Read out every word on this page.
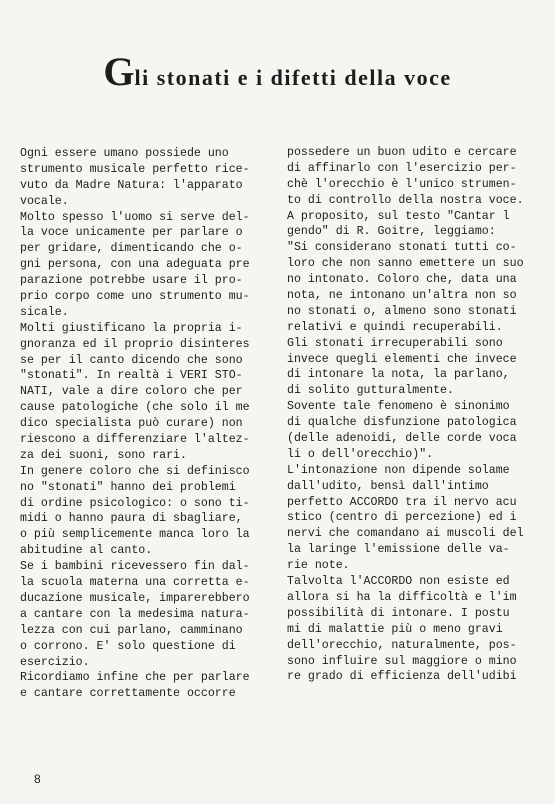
Gli stonati e i difetti della voce
Ogni essere umano possiede uno
strumento musicale perfetto rice-
vuto da Madre Natura: l'apparato
vocale.
Molto spesso l'uomo si serve del-
la voce unicamente per parlare o
per gridare, dimenticando che o-
gni persona, con una adeguata pre
parazione potrebbe usare il pro-
prio corpo come uno strumento mu-
sicale.
Molti giustificano la propria i-
gnoranza ed il proprio disinteres
se per il canto dicendo che sono
"stonati". In realtà i VERI STO-
NATI, vale a dire coloro che per
cause patologiche (che solo il me
dico specialista può curare) non
riescono a differenziare l'altez-
za dei suoni, sono rari.
In genere coloro che si definisco
no "stonati" hanno dei problemi
di ordine psicologico: o sono ti-
midi o hanno paura di sbagliare,
o più semplicemente manca loro la
abitudine al canto.
Se i bambini ricevessero fin dal-
la scuola materna una corretta e-
ducazione musicale, imparerebbero
a cantare con la medesima natura-
lezza con cui parlano, camminano
o corrono. E' solo questione di
esercizio.
Ricordiamo infine che per parlare
e cantare correttamente occorre
possedere un buon udito e cercare
di affinarlo con l'esercizio per-
chè l'orecchio è l'unico strumen-
to di controllo della nostra voce.
A proposito, sul testo "Cantar l
gendo" di R. Goitre, leggiamo:
"Si considerano stonati tutti co-
loro che non sanno emettere un suo
no intonato. Coloro che, data una
nota, ne intonano un'altra non so
no stonati o, almeno sono stonati
relativi e quindi recuperabili.
Gli stonati irrecuperabili sono
invece quegli elementi che invece
di intonare la nota, la parlano,
di solito gutturalmente.
Sovente tale fenomeno è sinonimo
di qualche disfunzione patologica
(delle adenoidi, delle corde voca
li o dell'orecchio)".
L'intonazione non dipende solame
dall'udito, bensì dall'intimo
perfetto ACCORDO tra il nervo acu
stico (centro di percezione) ed i
nervi che comandano ai muscoli del
la laringe l'emissione delle va-
rie note.
Talvolta l'ACCORDO non esiste ed
allora si ha la difficoltà e l'im
possibilità di intonare. I postu
mi di malattie più o meno gravi
dell'orecchio, naturalmente, pos-
sono influire sul maggiore o mino
re grado di efficienza dell'udibi
8
